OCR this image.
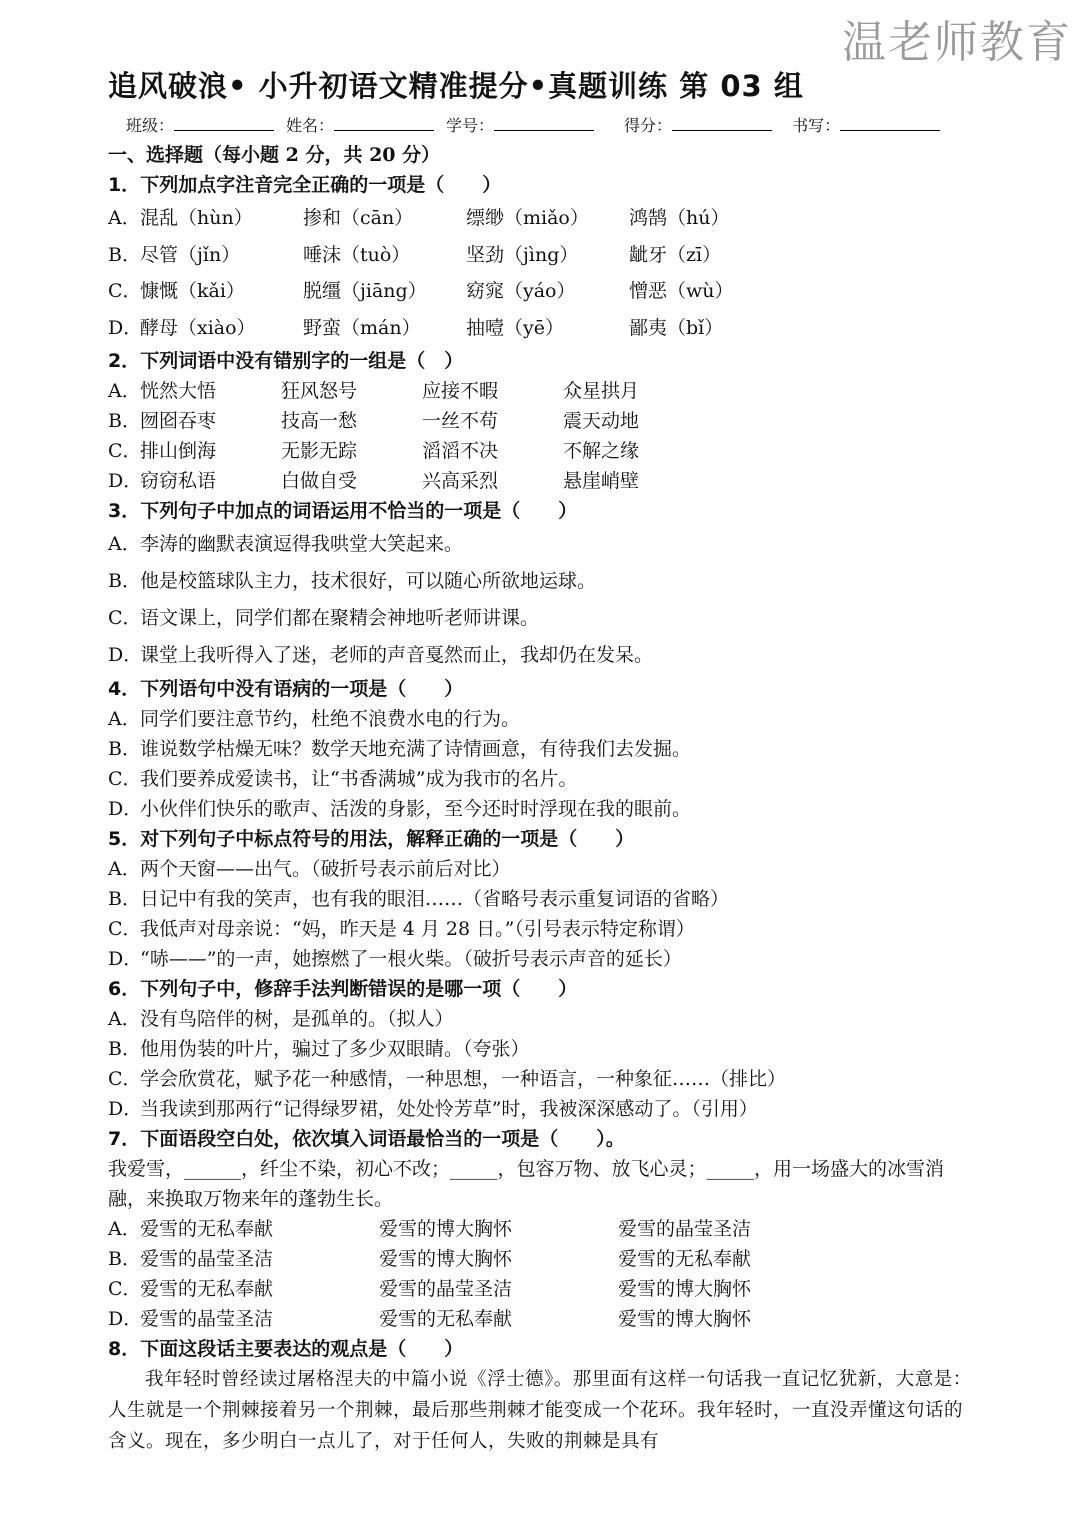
温老师教育
追风破浪• 小升初语文精准提分•真题训练 第 03 组
班级：	姓名：	学号：	得分：	书写：
一、选择题（每小题 2 分，共 20 分）
1．下列加点字注音完全正确的一项是（　　）
A． 混乱（hùn）	掺和（cān）	缥缈（miǎo）	鸿鹄（hú）
B． 尽管（jǐn）	唾沫（tuò）	坚劲（jìng）	龇牙（zī）
C．
慷慨（kǎi）	脱缰（jiāng）	窈窕（yáo）	憎恶（wù）
D．
酵母（xiào）	野蛮（mán）	抽噎（yē）	鄙夷（bǐ）
2．下列词语中没有错别字的一组是（　）
A． 恍然大悟	狂风怒号	应接不暇	众星拱月
B． 囫囵吞枣	技高一愁	一丝不苟	震天动地
C．
排山倒海	无影无踪	滔滔不决	不解之缘
D．
窃窃私语	白做自受	兴高采烈	悬崖峭壁
3．下列句子中加点的词语运用不恰当的一项是（　　）
A． 李涛的幽默表演逗得我哄堂大笑起来。
B． 他是校篮球队主力，技术很好，可以随心所欲地运球。
C．
语文课上，同学们都在聚精会神地听老师讲课。
D．
课堂上我听得入了迷，老师的声音戛然而止，我却仍在发呆。
4．下列语句中没有语病的一项是（　　）
A． 同学们要注意节约，杜绝不浪费水电的行为。
B． 谁说数学枯燥无味？数学天地充满了诗情画意，有待我们去发掘。
C．
我们要养成爱读书，让“书香满城”成为我市的名片。
D．
小伙伴们快乐的歌声、活泼的身影，至今还时时浮现在我的眼前。
5．对下列句子中标点符号的用法，解释正确的一项是（　　）
A． 两个天窗——出气。（破折号表示前后对比）
B． 日记中有我的笑声，也有我的眼泪……（省略号表示重复词语的省略）
C．
我低声对母亲说：“妈，昨天是 4 月 28 日。”（引号表示特定称谓）
D．
“哧——”的一声，她擦燃了一根火柴。（破折号表示声音的延长）
6．下列句子中，修辞手法判断错误的是哪一项（　　）
A． 没有鸟陪伴的树，是孤单的。（拟人）
B． 他用伪装的叶片，骗过了多少双眼睛。（夸张）
C．
学会欣赏花，赋予花一种感情，一种思想，一种语言，一种象征……（排比）
D．
当我读到那两行“记得绿罗裙，处处怜芳草”时，我被深深感动了。（引用）
7．下面语段空白处，依次填入词语最恰当的一项是（　　）。
我爱雪，______，纤尘不染，初心不改；_____，包容万物、放飞心灵；_____，用一场盛大的冰雪消融，来换取万物来年的蓬勃生长。
A． 爱雪的无私奉献	爱雪的博大胸怀	爱雪的晶莹圣洁
B． 爱雪的晶莹圣洁	爱雪的博大胸怀	爱雪的无私奉献
C．
爱雪的无私奉献	爱雪的晶莹圣洁	爱雪的博大胸怀
D．
爱雪的晶莹圣洁	爱雪的无私奉献	爱雪的博大胸怀
8．下面这段话主要表达的观点是（　　）
我年轻时曾经读过屠格涅夫的中篇小说《浮士德》。那里面有这样一句话我一直记忆犹新，大意是：人生就是一个荆棘接着另一个荆棘，最后那些荆棘才能变成一个花环。我年轻时，一直没弄懂这句话的含义。现在，多少明白一点儿了，对于任何人，失败的荆棘是具有
